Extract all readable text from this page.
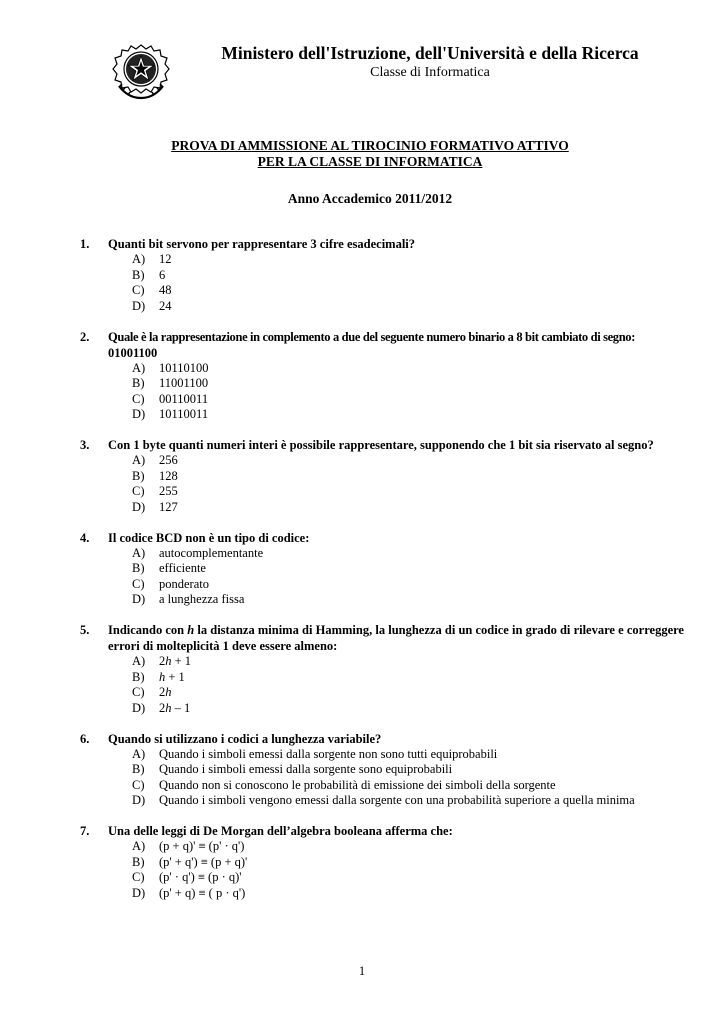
Ministero dell'Istruzione, dell'Università e della Ricerca
Classe di Informatica
PROVA DI AMMISSIONE AL TIROCINIO FORMATIVO ATTIVO
PER LA CLASSE DI INFORMATICA
Anno Accademico 2011/2012
1. Quanti bit servono per rappresentare 3 cifre esadecimali?
A) 12
B) 6
C) 48
D) 24
2. Quale è la rappresentazione in complemento a due del seguente numero binario a 8 bit cambiato di segno:
01001100
A) 10110100
B) 11001100
C) 00110011
D) 10110011
3. Con 1 byte quanti numeri interi è possibile rappresentare, supponendo che 1 bit sia riservato al segno?
A) 256
B) 128
C) 255
D) 127
4. Il codice BCD non è un tipo di codice:
A) autocomplementante
B) efficiente
C) ponderato
D) a lunghezza fissa
5. Indicando con h la distanza minima di Hamming, la lunghezza di un codice in grado di rilevare e correggere errori di molteplicità 1 deve essere almeno:
A) 2h + 1
B) h + 1
C) 2h
D) 2h – 1
6. Quando si utilizzano i codici a lunghezza variabile?
A) Quando i simboli emessi dalla sorgente non sono tutti equiprobabili
B) Quando i simboli emessi dalla sorgente sono equiprobabili
C) Quando non si conoscono le probabilità di emissione dei simboli della sorgente
D) Quando i simboli vengono emessi dalla sorgente con una probabilità superiore a quella minima
7. Una delle leggi di De Morgan dell’algebra booleana afferma che:
A) (p + q)' ≡ (p' · q')
B) (p' + q') ≡ (p + q)'
C) (p' · q') ≡ (p · q)'
D) (p' + q) ≡ ( p · q')
1
